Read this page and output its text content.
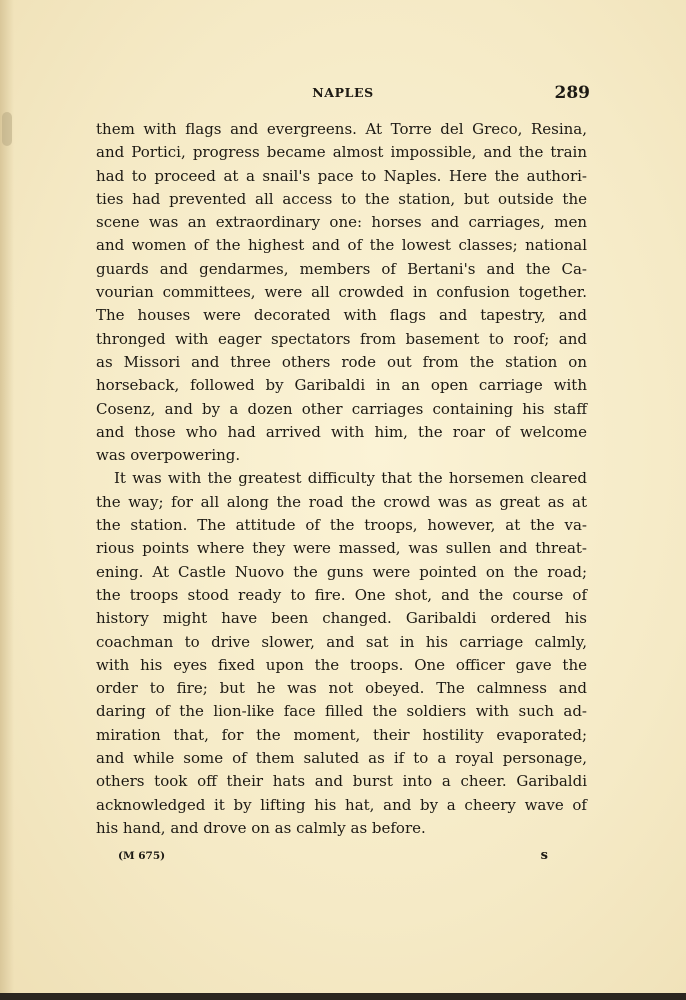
NAPLES	289
them with flags and evergreens. At Torre del Greco, Resina,
and Portici, progress became almost impossible, and the train
had to proceed at a snail's pace to Naples. Here the authori-
ties had prevented all access to the station, but outside the
scene was an extraordinary one: horses and carriages, men
and women of the highest and of the lowest classes; national
guards and gendarmes, members of Bertani's and the Ca-
vourian committees, were all crowded in confusion together.
The houses were decorated with flags and tapestry, and
thronged with eager spectators from basement to roof; and
as Missori and three others rode out from the station on
horseback, followed by Garibaldi in an open carriage with
Cosenz, and by a dozen other carriages containing his staff
and those who had arrived with him, the roar of welcome
was overpowering.
It was with the greatest difficulty that the horsemen cleared
the way; for all along the road the crowd was as great as at
the station. The attitude of the troops, however, at the va-
rious points where they were massed, was sullen and threat-
ening. At Castle Nuovo the guns were pointed on the road;
the troops stood ready to fire. One shot, and the course of
history might have been changed. Garibaldi ordered his
coachman to drive slower, and sat in his carriage calmly,
with his eyes fixed upon the troops. One officer gave the
order to fire; but he was not obeyed. The calmness and
daring of the lion-like face filled the soldiers with such ad-
miration that, for the moment, their hostility evaporated;
and while some of them saluted as if to a royal personage,
others took off their hats and burst into a cheer. Garibaldi
acknowledged it by lifting his hat, and by a cheery wave of
his hand, and drove on as calmly as before.
(M 675)	s
